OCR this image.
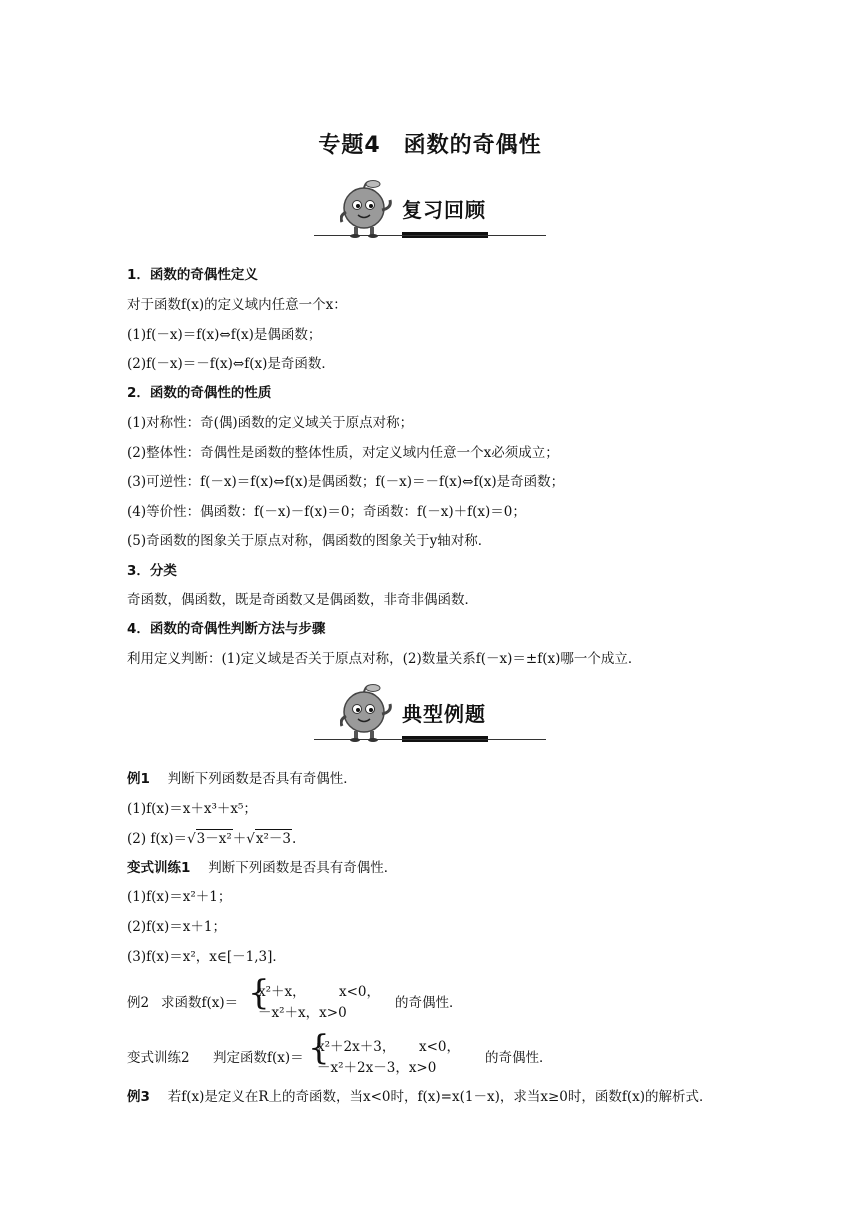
专题4　函数的奇偶性
复习回顾
1．函数的奇偶性定义
对于函数f(x)的定义域内任意一个x：
(1)f(－x)＝f(x)⇔f(x)是偶函数；
(2)f(－x)＝－f(x)⇔f(x)是奇函数．
2．函数的奇偶性的性质
(1)对称性：奇(偶)函数的定义域关于原点对称；
(2)整体性：奇偶性是函数的整体性质，对定义域内任意一个x必须成立；
(3)可逆性：f(－x)＝f(x)⇔f(x)是偶函数；f(－x)＝－f(x)⇔f(x)是奇函数；
(4)等价性：偶函数：f(－x)－f(x)＝0；奇函数：f(－x)＋f(x)＝0；
(5)奇函数的图象关于原点对称，偶函数的图象关于y轴对称．
3．分类
奇函数，偶函数，既是奇函数又是偶函数，非奇非偶函数．
4．函数的奇偶性判断方法与步骤
利用定义判断：(1)定义域是否关于原点对称，(2)数量关系f(－x)＝±f(x)哪一个成立．
典型例题
例1　 判断下列函数是否具有奇偶性．
(1)f(x)＝x＋x³＋x⁵；
(2) f(x)＝√3－x²＋√x²－3.
变式训练1　 判断下列函数是否具有奇偶性．
(1)f(x)＝x²＋1；
(2)f(x)＝x＋1；
(3)f(x)＝x²，x∈[－1,3]．
例2 求函数f(x)＝ {
x²＋x， x<0，
－x²＋x，x>0
的奇偶性．
变式训练2 判定函数f(x)＝ {
x²＋2x＋3， x<0，
－x²＋2x－3，x>0
的奇偶性．
例3　 若f(x)是定义在R上的奇函数，当x<0时，f(x)=x(1－x)，求当x≥0时，函数f(x)的解析式．
